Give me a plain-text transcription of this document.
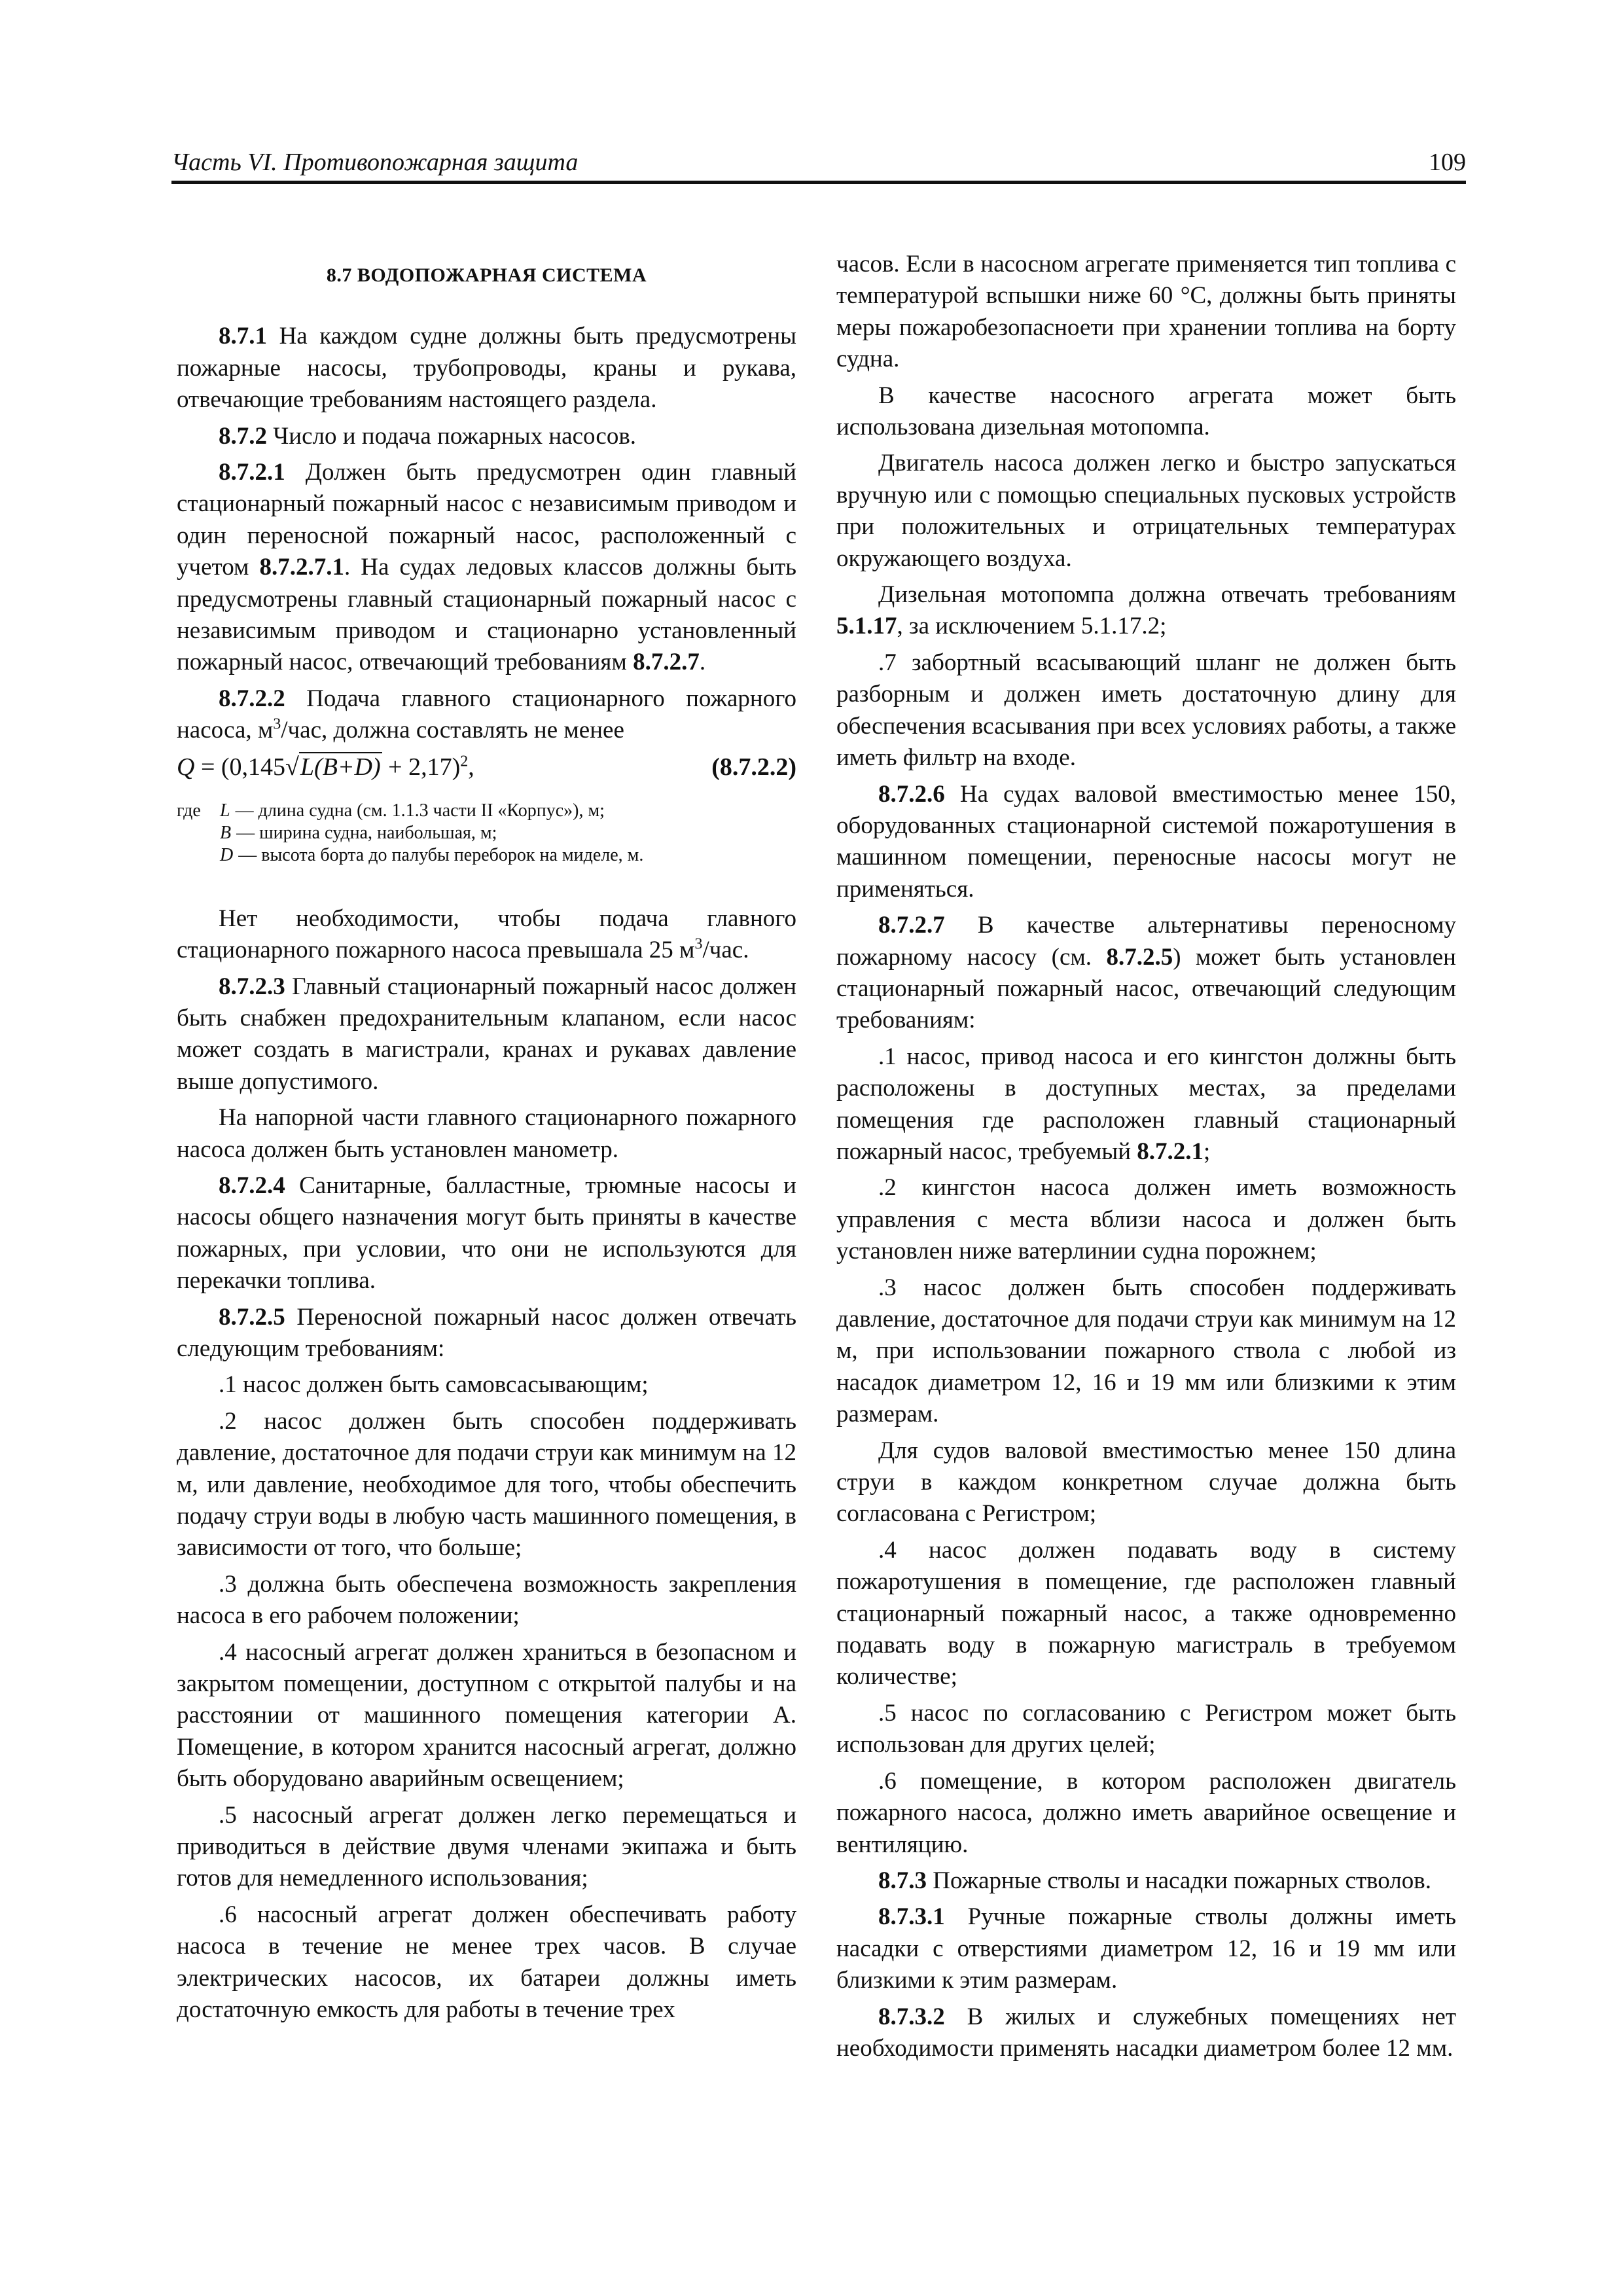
Часть VI. Противопожарная защита	109

8.7 ВОДОПОЖАРНАЯ СИСТЕМА

8.7.1 На каждом судне должны быть предусмотрены пожарные насосы, трубопроводы, краны и рукава, отвечающие требованиям настоящего раздела.

8.7.2 Число и подача пожарных насосов.

8.7.2.1 Должен быть предусмотрен один главный стационарный пожарный насос с независимым приводом и один переносной пожарный насос, расположенный с учетом 8.7.2.7.1. На судах ледовых классов должны быть предусмотрены главный стационарный пожарный насос с независимым приводом и стационарно установленный пожарный насос, отвечающий требованиям 8.7.2.7.

8.7.2.2 Подача главного стационарного пожарного насоса, $м^3$/час, должна составлять не менее

$Q = (0,145√L(B+D) + 2,17)^2$,	(8.7.2.2)
где	L — длина судна (см. 1.1.3 части II «Корпус»), м;
B — ширина судна, наибольшая, м;
D — высота борта до палубы переборок на миделе, м.

Нет необходимости, чтобы подача главного стационарного пожарного насоса превышала 25 $м^3$/час.

8.7.2.3 Главный стационарный пожарный насос должен быть снабжен предохранительным клапаном, если насос может создать в магистрали, кранах и рукавах давление выше допустимого.

На напорной части главного стационарного пожарного насоса должен быть установлен манометр.

8.7.2.4 Санитарные, балластные, трюмные насосы и насосы общего назначения могут быть приняты в качестве пожарных, при условии, что они не используются для перекачки топлива.

8.7.2.5 Переносной пожарный насос должен отвечать следующим требованиям:

.1 насос должен быть самовсасывающим;

.2 насос должен быть способен поддерживать давление, достаточное для подачи струи как минимум на 12 м, или давление, необходимое для того, чтобы обеспечить подачу струи воды в любую часть машинного помещения, в зависимости от того, что больше;

.3 должна быть обеспечена возможность закрепления насоса в его рабочем положении;

.4 насосный агрегат должен храниться в безопасном и закрытом помещении, доступном с открытой палубы и на расстоянии от машинного помещения категории А. Помещение, в котором хранится насосный агрегат, должно быть оборудовано аварийным освещением;

.5 насосный агрегат должен легко перемещаться и приводиться в действие двумя членами экипажа и быть готов для немедленного использования;

.6 насосный агрегат должен обеспечивать работу насоса в течение не менее трех часов. В случае электрических насосов, их батареи должны иметь достаточную емкость для работы в течение трех

часов. Если в насосном агрегате применяется тип топлива с температурой вспышки ниже 60 °С, должны быть приняты меры пожаробезопасноети при хранении топлива на борту судна.

В качестве насосного агрегата может быть использована дизельная мотопомпа.

Двигатель насоса должен легко и быстро запускаться вручную или с помощью специальных пусковых устройств при положительных и отрицательных температурах окружающего воздуха.

Дизельная мотопомпа должна отвечать требованиям 5.1.17, за исключением 5.1.17.2;

.7 забортный всасывающий шланг не должен быть разборным и должен иметь достаточную длину для обеспечения всасывания при всех условиях работы, а также иметь фильтр на входе.

8.7.2.6 На судах валовой вместимостью менее 150, оборудованных стационарной системой пожаротушения в машинном помещении, переносные насосы могут не применяться.

8.7.2.7 В качестве альтернативы переносному пожарному насосу (см. 8.7.2.5) может быть установлен стационарный пожарный насос, отвечающий следующим требованиям:

.1 насос, привод насоса и его кингстон должны быть расположены в доступных местах, за пределами помещения где расположен главный стационарный пожарный насос, требуемый 8.7.2.1;

.2 кингстон насоса должен иметь возможность управления с места вблизи насоса и должен быть установлен ниже ватерлинии судна порожнем;

.3 насос должен быть способен поддерживать давление, достаточное для подачи струи как минимум на 12 м, при использовании пожарного ствола с любой из насадок диаметром 12, 16 и 19 мм или близкими к этим размерам.

Для судов валовой вместимостью менее 150 длина струи в каждом конкретном случае должна быть согласована с Регистром;

.4 насос должен подавать воду в систему пожаротушения в помещение, где расположен главный стационарный пожарный насос, а также одновременно подавать воду в пожарную магистраль в требуемом количестве;

.5 насос по согласованию с Регистром может быть использован для других целей;

.6 помещение, в котором расположен двигатель пожарного насоса, должно иметь аварийное освещение и вентиляцию.

8.7.3 Пожарные стволы и насадки пожарных стволов.

8.7.3.1 Ручные пожарные стволы должны иметь насадки с отверстиями диаметром 12, 16 и 19 мм или близкими к этим размерам.

8.7.3.2 В жилых и служебных помещениях нет необходимости применять насадки диаметром более 12 мм.
